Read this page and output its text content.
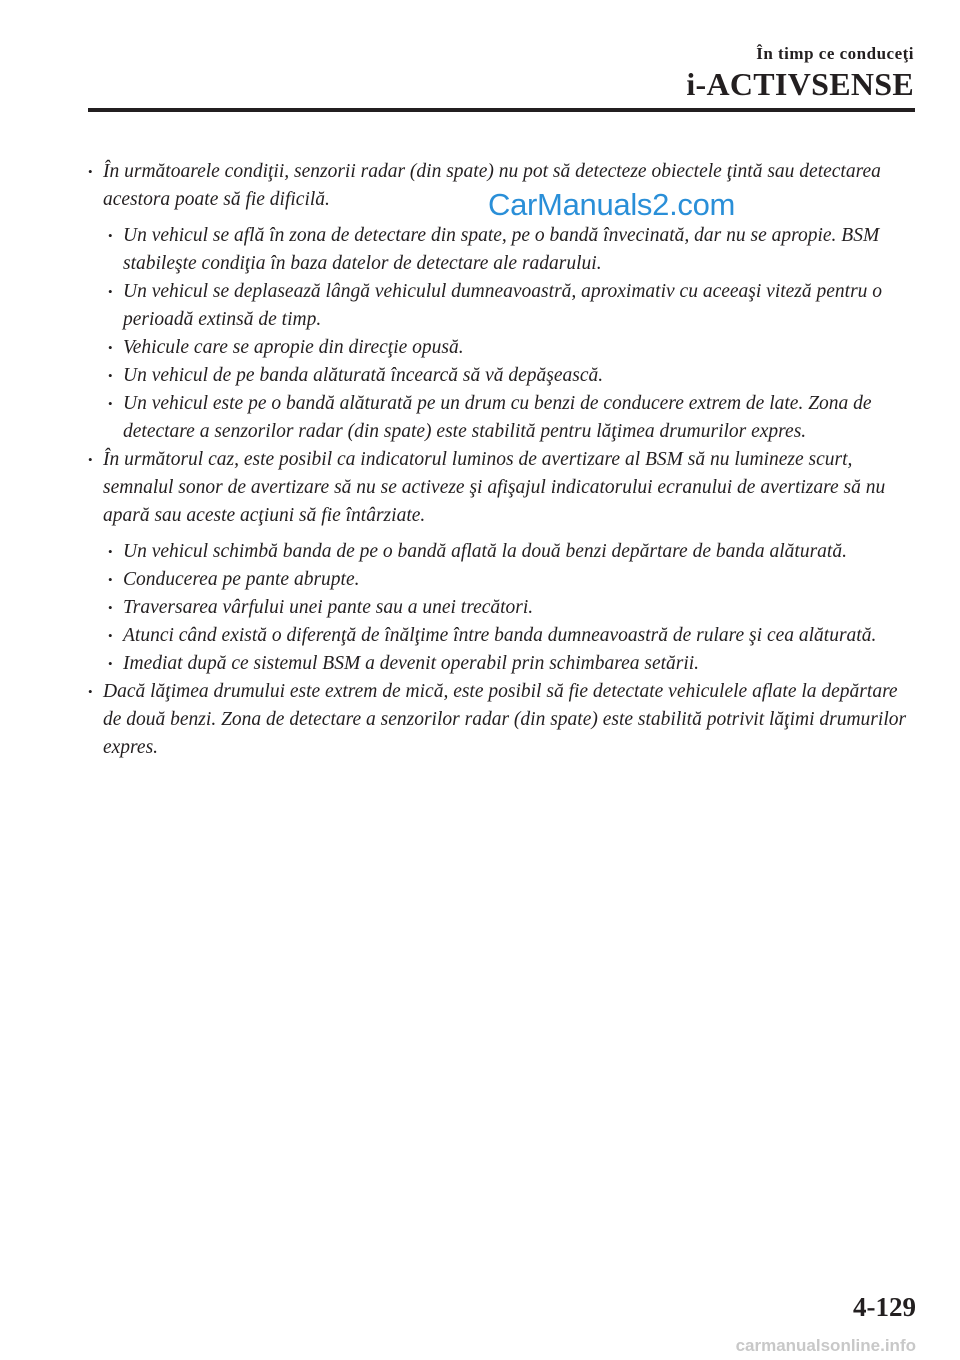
În timp ce conduceţi
i-ACTIVSENSE
• În următoarele condiţii, senzorii radar (din spate) nu pot să detecteze obiectele ţintă sau detectarea acestora poate să fie dificilă.
• Un vehicul se află în zona de detectare din spate, pe o bandă învecinată, dar nu se apropie. BSM stabileşte condiţia în baza datelor de detectare ale radarului.
• Un vehicul se deplasează lângă vehiculul dumneavoastră, aproximativ cu aceeaşi viteză pentru o perioadă extinsă de timp.
• Vehicule care se apropie din direcţie opusă.
• Un vehicul de pe banda alăturată încearcă să vă depăşească.
• Un vehicul este pe o bandă alăturată pe un drum cu benzi de conducere extrem de late. Zona de detectare a senzorilor radar (din spate) este stabilită pentru lăţimea drumurilor expres.
• În următorul caz, este posibil ca indicatorul luminos de avertizare al BSM să nu lumineze scurt, semnalul sonor de avertizare să nu se activeze şi afişajul indicatorului ecranului de avertizare să nu apară sau aceste acţiuni să fie întârziate.
• Un vehicul schimbă banda de pe o bandă aflată la două benzi depărtare de banda alăturată.
• Conducerea pe pante abrupte.
• Traversarea vârfului unei pante sau a unei trecători.
• Atunci când există o diferenţă de înălţime între banda dumneavoastră de rulare şi cea alăturată.
• Imediat după ce sistemul BSM a devenit operabil prin schimbarea setării.
• Dacă lăţimea drumului este extrem de mică, este posibil să fie detectate vehiculele aflate la depărtare de două benzi. Zona de detectare a senzorilor radar (din spate) este stabilită potrivit lăţimi drumurilor expres.
CarManuals2.com
4-129
carmanualsonline.info
